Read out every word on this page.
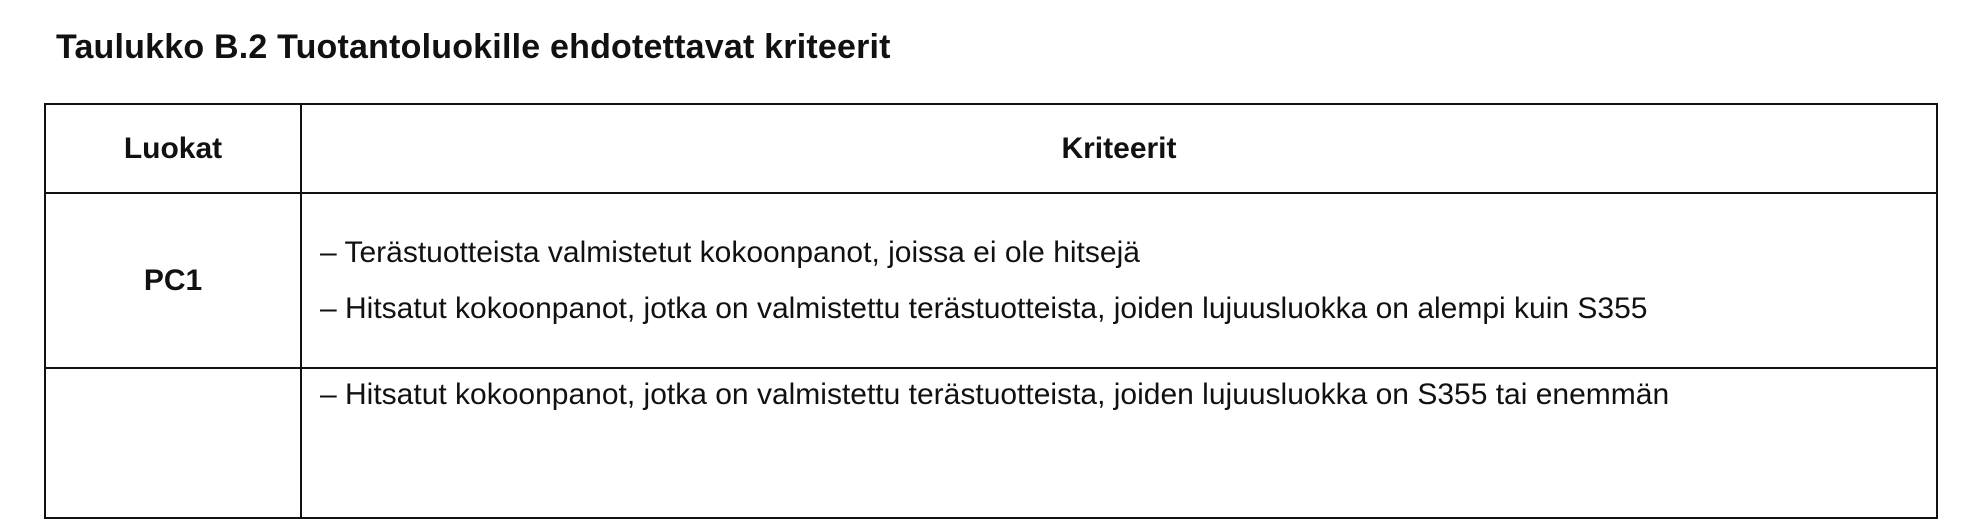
Taulukko B.2 Tuotantoluokille ehdotettavat kriteerit
Luokat	Kriteerit
PC1	– Terästuotteista valmistetut kokoonpanot, joissa ei ole hitsejä

– Hitsatut kokoonpanot, jotka on valmistettu terästuotteista, joiden lujuusluokka on alempi kuin S355

	– Hitsatut kokoonpanot, jotka on valmistettu terästuotteista, joiden lujuusluokka on S355 tai enemmän
